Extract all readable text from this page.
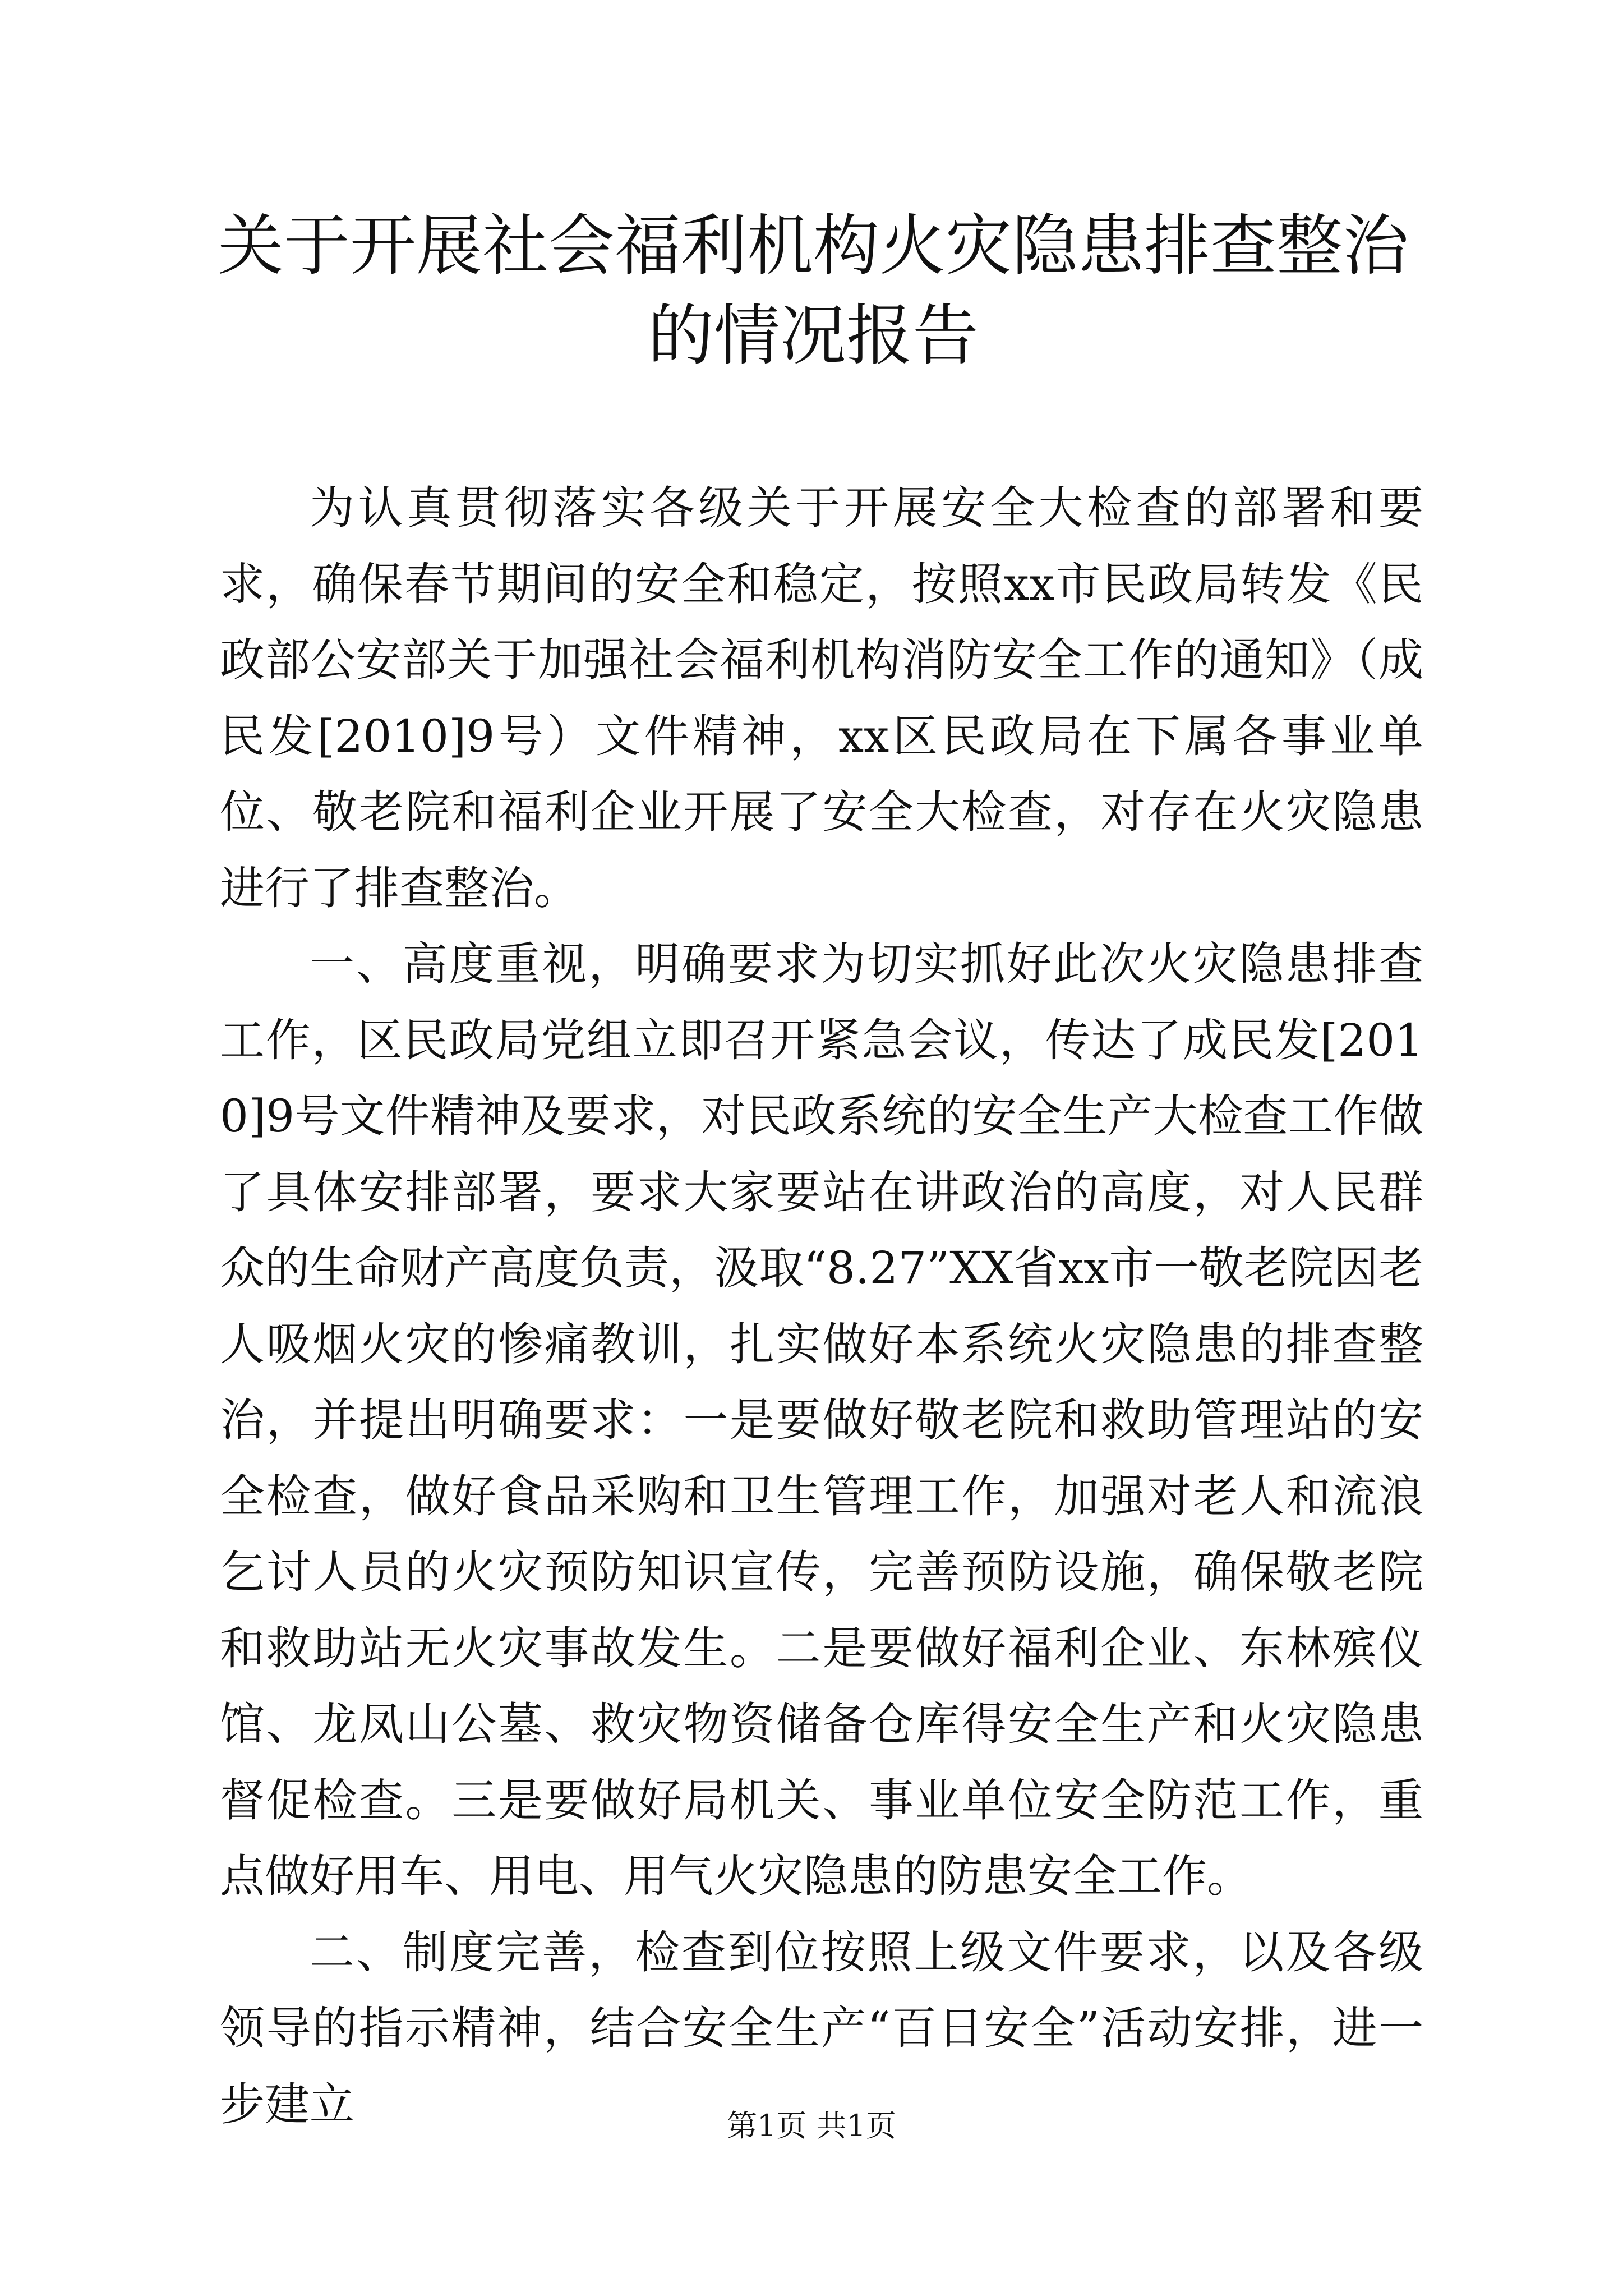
关于开展社会福利机构火灾隐患排查整治的情况报告

为认真贯彻落实各级关于开展安全大检查的部署和要求，确保春节期间的安全和稳定，按照xx市民政局转发《民政部公安部关于加强社会福利机构消防安全工作的通知》（成民发[2010]9号）文件精神，xx区民政局在下属各事业单位、敬老院和福利企业开展了安全大检查，对存在火灾隐患进行了排查整治。

一、高度重视，明确要求为切实抓好此次火灾隐患排查工作，区民政局党组立即召开紧急会议，传达了成民发[2010]9号文件精神及要求，对民政系统的安全生产大检查工作做了具体安排部署，要求大家要站在讲政治的高度，对人民群众的生命财产高度负责，汲取“8.27”XX省xx市一敬老院因老人吸烟火灾的惨痛教训，扎实做好本系统火灾隐患的排查整治，并提出明确要求：一是要做好敬老院和救助管理站的安全检查，做好食品采购和卫生管理工作，加强对老人和流浪乞讨人员的火灾预防知识宣传，完善预防设施，确保敬老院和救助站无火灾事故发生。二是要做好福利企业、东林殡仪馆、龙凤山公墓、救灾物资储备仓库得安全生产和火灾隐患督促检查。三是要做好局机关、事业单位安全防范工作，重点做好用车、用电、用气火灾隐患的防患安全工作。

二、制度完善，检查到位按照上级文件要求，以及各级领导的指示精神，结合安全生产“百日安全”活动安排，进一步建立	第1页 共1页
